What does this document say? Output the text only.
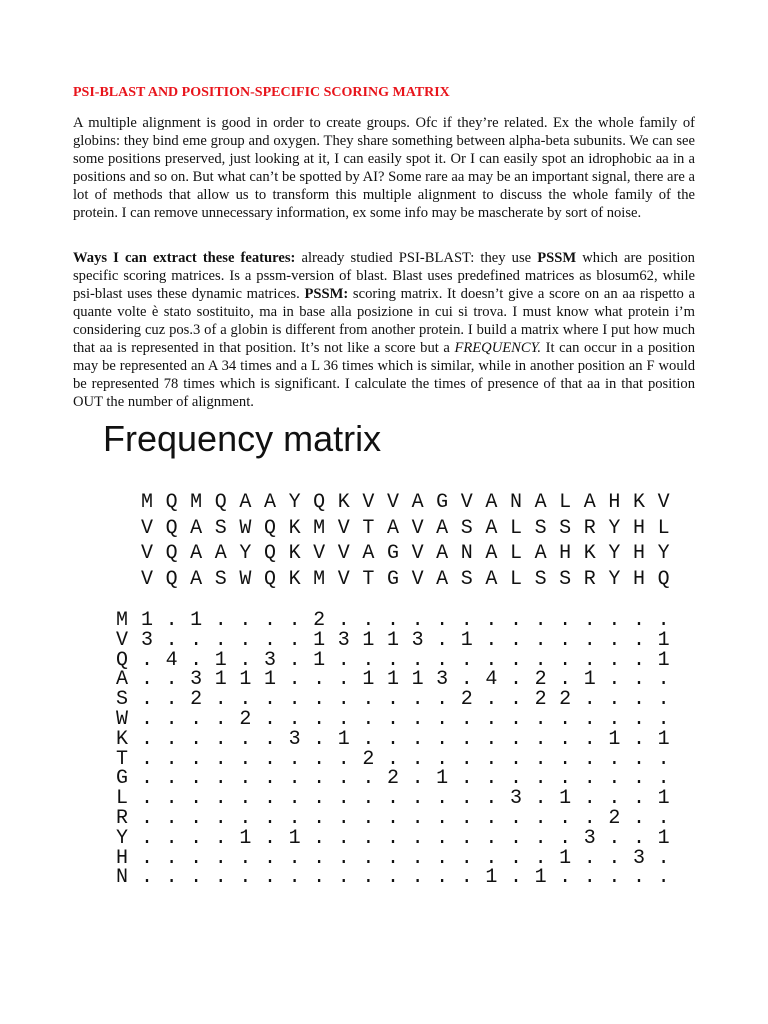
PSI-BLAST AND POSITION-SPECIFIC SCORING MATRIX
A multiple alignment is good in order to create groups. Ofc if they’re related. Ex the whole family of globins: they bind eme group and oxygen. They share something between alpha-beta subunits. We can see some positions preserved, just looking at it, I can easily spot it. Or I can easily spot an idrophobic aa in a positions and so on. But what can’t be spotted by AI? Some rare aa may be an important signal, there are a lot of methods that allow us to transform this multiple alignment to discuss the whole family of the protein. I can remove unnecessary information, ex some info may be mascherate by sort of noise.
Ways I can extract these features: already studied PSI-BLAST: they use PSSM which are position specific scoring matrices. Is a pssm-version of blast. Blast uses predefined matrices as blosum62, while psi-blast uses these dynamic matrices. PSSM: scoring matrix. It doesn’t give a score on an aa rispetto a quante volte è stato sostituito, ma in base alla posizione in cui si trova. I must know what protein i’m considering cuz pos.3 of a globin is different from another protein. I build a matrix where I put how much that aa is represented in that position. It’s not like a score but a FREQUENCY. It can occur in a position may be represented an A 34 times and a L 36 times which is similar, while in another position an F would be represented 78 times which is significant. I calculate the times of presence of that aa in that position OUT the number of alignment.
Frequency matrix
M Q M Q A A Y Q K V V A G V A N A L A H K V
V Q A S W Q K M V T A V A S A L S S R Y H L
V Q A A Y Q K V V A G V A N A L A H K Y H Y
V Q A S W Q K M V T G V A S A L S S R Y H Q
M 1 . 1 . . . . 2 . . . . . . . . . . . . . .
V 3 . . . . . . 1 3 1 1 3 . 1 . . . . . . . 1
Q . 4 . 1 . 3 . 1 . . . . . . . . . . . . . 1
A . . 3 1 1 1 . . . 1 1 1 3 . 4 . 2 . 1 . . .
S . . 2 . . . . . . . . . . 2 . . 2 2 . . . .
W . . . . 2 . . . . . . . . . . . . . . . . .
K . . . . . . 3 . 1 . . . . . . . . . . 1 . 1
T . . . . . . . . . 2 . . . . . . . . . . . .
G . . . . . . . . . . 2 . 1 . . . . . . . . .
L . . . . . . . . . . . . . . . 3 . 1 . . . 1
R . . . . . . . . . . . . . . . . . . . 2 . .
Y . . . . 1 . 1 . . . . . . . . . . . 3 . . 1
H . . . . . . . . . . . . . . . . . 1 . . 3 .
N . . . . . . . . . . . . . . 1 . 1 . . . . .
